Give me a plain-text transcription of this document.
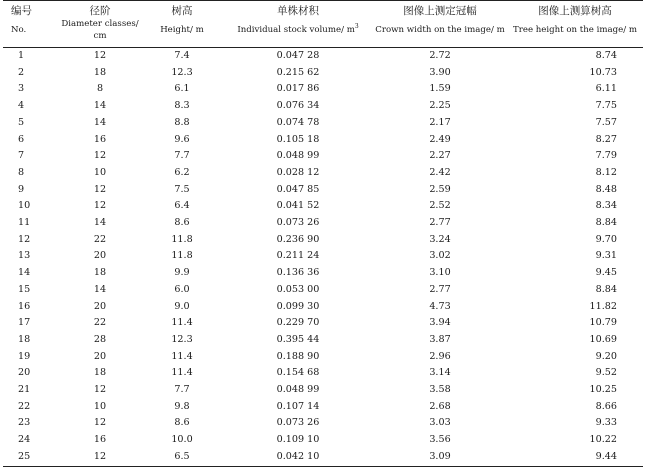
编号	径阶	树高	单株材积	图像上测定冠幅	图像上测算树高
No.	Diameter classes/ cm	Height/ m	Individual stock volume/ $m^3$	Crown width on the image/ m	Tree height on the image/ m
1	12	7.4	0.047 28	2.72	8.74
2	18	12.3	0.215 62	3.90	10.73
3	8	6.1	0.017 86	1.59	6.11
4	14	8.3	0.076 34	2.25	7.75
5	14	8.8	0.074 78	2.17	7.57
6	16	9.6	0.105 18	2.49	8.27
7	12	7.7	0.048 99	2.27	7.79
8	10	6.2	0.028 12	2.42	8.12
9	12	7.5	0.047 85	2.59	8.48
10	12	6.4	0.041 52	2.52	8.34
11	14	8.6	0.073 26	2.77	8.84
12	22	11.8	0.236 90	3.24	9.70
13	20	11.8	0.211 24	3.02	9.31
14	18	9.9	0.136 36	3.10	9.45
15	14	6.0	0.053 00	2.77	8.84
16	20	9.0	0.099 30	4.73	11.82
17	22	11.4	0.229 70	3.94	10.79
18	28	12.3	0.395 44	3.87	10.69
19	20	11.4	0.188 90	2.96	9.20
20	18	11.4	0.154 68	3.14	9.52
21	12	7.7	0.048 99	3.58	10.25
22	10	9.8	0.107 14	2.68	8.66
23	12	8.6	0.073 26	3.03	9.33
24	16	10.0	0.109 10	3.56	10.22
25	12	6.5	0.042 10	3.09	9.44
